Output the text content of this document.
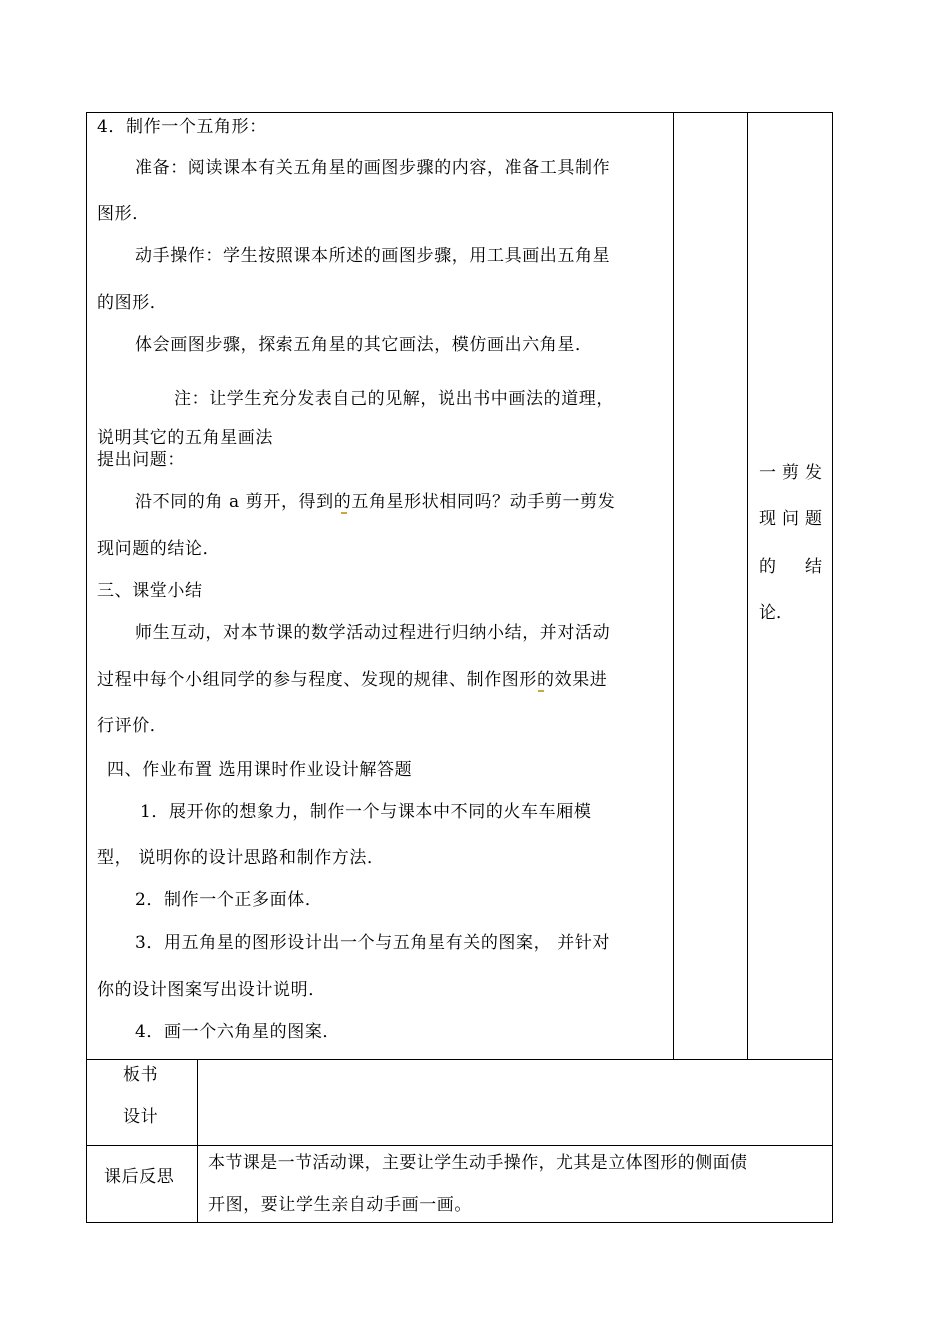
4．制作一个五角形：
准备：阅读课本有关五角星的画图步骤的内容，准备工具制作
图形．
动手操作：学生按照课本所述的画图步骤，用工具画出五角星
的图形．
体会画图步骤，探索五角星的其它画法，模仿画出六角星．
注：让学生充分发表自己的见解，说出书中画法的道理，
说明其它的五角星画法
提出问题：
沿不同的角 a 剪开，得到的五角星形状相同吗？动手剪一剪发
现问题的结论．
三、课堂小结
师生互动，对本节课的数学活动过程进行归纳小结，并对活动
过程中每个小组同学的参与程度、发现的规律、制作图形的效果进
行评价．
四、作业布置 选用课时作业设计解答题
1．展开你的想象力，制作一个与课本中不同的火车车厢模
型， 说明你的设计思路和制作方法．
2．制作一个正多面体．
3．用五角星的图形设计出一个与五角星有关的图案， 并针对
你的设计图案写出设计说明．
4．画一个六角星的图案．
一剪发
现问题
的 结
论．
板书
设计
课后反思
本节课是一节活动课，主要让学生动手操作，尤其是立体图形的侧面债
开图，要让学生亲自动手画一画。
